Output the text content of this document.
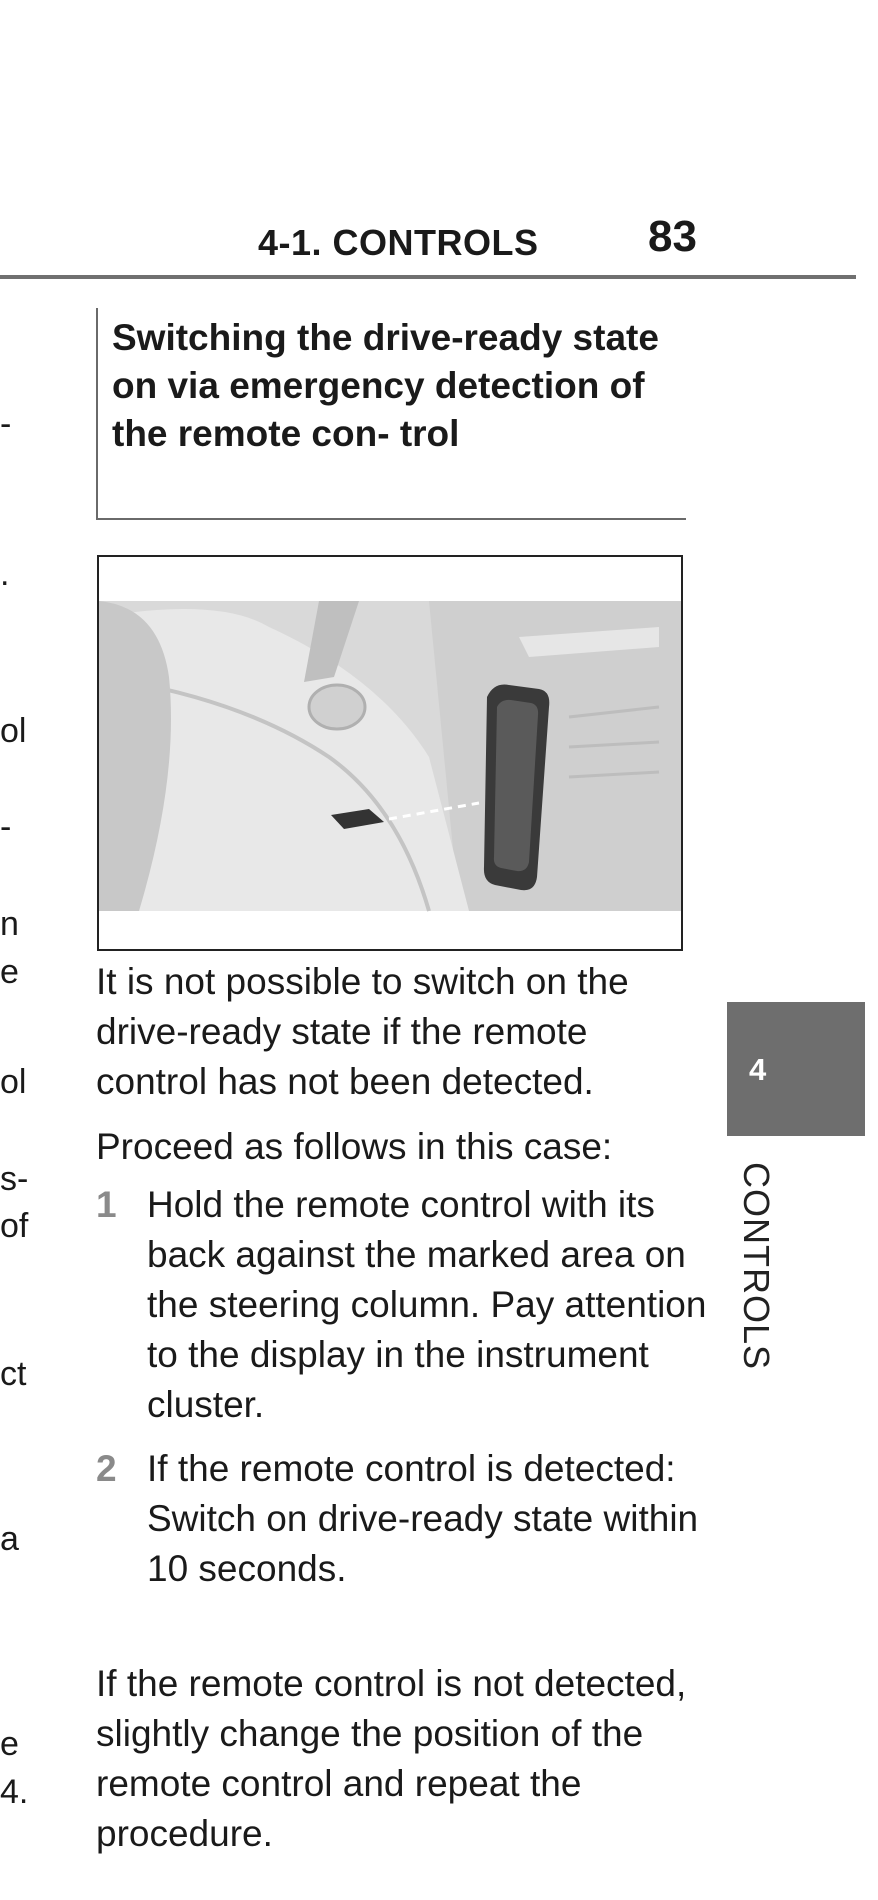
4-1. CONTROLS 83
-
.
ol
-
n
e
ol
s-
of
ct
a
e
4.

Switching the drive-ready state on via emergency detection of the remote con- trol

It is not possible to switch on the drive-ready state if the remote control has not been detected.

Proceed as follows in this case:

1 Hold the remote control with its back against the marked area on the steering column. Pay attention to the display in the instrument cluster.

2 If the remote control is detected: Switch on drive-ready state within 10 seconds.

If the remote control is not detected, slightly change the position of the remote control and repeat the procedure.

4
CONTROLS
